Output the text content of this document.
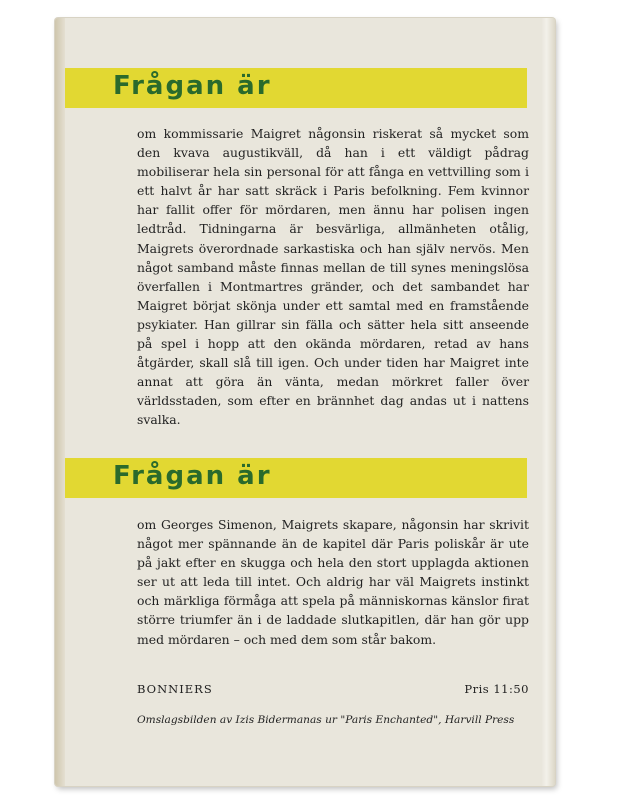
Frågan är

om kommissarie Maigret någonsin riskerat så mycket som den kvava augustikväll, då han i ett väldigt pådrag mobiliserar hela sin personal för att fånga en vettvilling som i ett halvt år har satt skräck i Paris befolkning. Fem kvinnor har fallit offer för mördaren, men ännu har polisen ingen ledtråd. Tidningarna är besvärliga, allmänheten otålig, Maigrets överordnade sarkastiska och han själv nervös. Men något samband måste finnas mellan de till synes meningslösa överfallen i Montmartres gränder, och det sambandet har Maigret börjat skönja under ett samtal med en framstående psykiater. Han gillrar sin fälla och sätter hela sitt anseende på spel i hopp att den okända mördaren, retad av hans åtgärder, skall slå till igen. Och under tiden har Maigret inte annat att göra än vänta, medan mörkret faller över världsstaden, som efter en brännhet dag andas ut i nattens svalka.

Frågan är

om Georges Simenon, Maigrets skapare, någonsin har skrivit något mer spännande än de kapitel där Paris poliskår är ute på jakt efter en skugga och hela den stort upplagda aktionen ser ut att leda till intet. Och aldrig har väl Maigrets instinkt och märkliga förmåga att spela på människornas känslor firat större triumfer än i de laddade slutkapitlen, där han gör upp med mördaren – och med dem som står bakom.

BONNIERS	Pris 11:50
Omslagsbilden av Izis Bidermanas ur "Paris Enchanted", Harvill Press
